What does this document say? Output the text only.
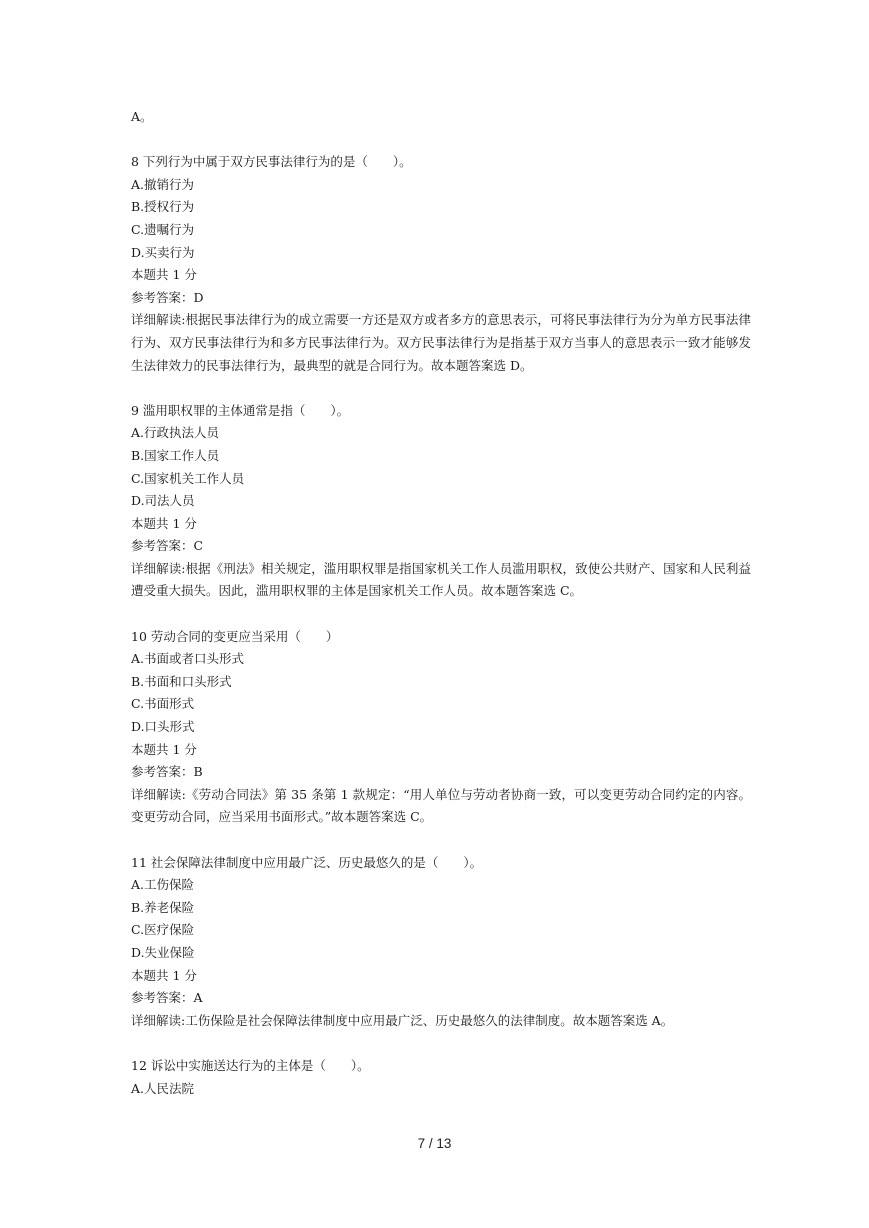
A。
8 下列行为中属于双方民事法律行为的是（　　）。
A.撤销行为
B.授权行为
C.遗嘱行为
D.买卖行为
本题共 1 分
参考答案：D
详细解读:根据民事法律行为的成立需要一方还是双方或者多方的意思表示，可将民事法律行为分为单方民事法律行为、双方民事法律行为和多方民事法律行为。双方民事法律行为是指基于双方当事人的意思表示一致才能够发生法律效力的民事法律行为，最典型的就是合同行为。故本题答案选 D。
9 滥用职权罪的主体通常是指（　　）。
A.行政执法人员
B.国家工作人员
C.国家机关工作人员
D.司法人员
本题共 1 分
参考答案：C
详细解读:根据《刑法》相关规定，滥用职权罪是指国家机关工作人员滥用职权，致使公共财产、国家和人民利益遭受重大损失。因此，滥用职权罪的主体是国家机关工作人员。故本题答案选 C。
10 劳动合同的变更应当采用（　　）
A.书面或者口头形式
B.书面和口头形式
C.书面形式
D.口头形式
本题共 1 分
参考答案：B
详细解读:《劳动合同法》第 35 条第 1 款规定：“用人单位与劳动者协商一致，可以变更劳动合同约定的内容。变更劳动合同，应当采用书面形式。”故本题答案选 C。
11 社会保障法律制度中应用最广泛、历史最悠久的是（　　）。
A.工伤保险
B.养老保险
C.医疗保险
D.失业保险
本题共 1 分
参考答案：A
详细解读:工伤保险是社会保障法律制度中应用最广泛、历史最悠久的法律制度。故本题答案选 A。
12 诉讼中实施送达行为的主体是（　　）。
A.人民法院
7 / 13
